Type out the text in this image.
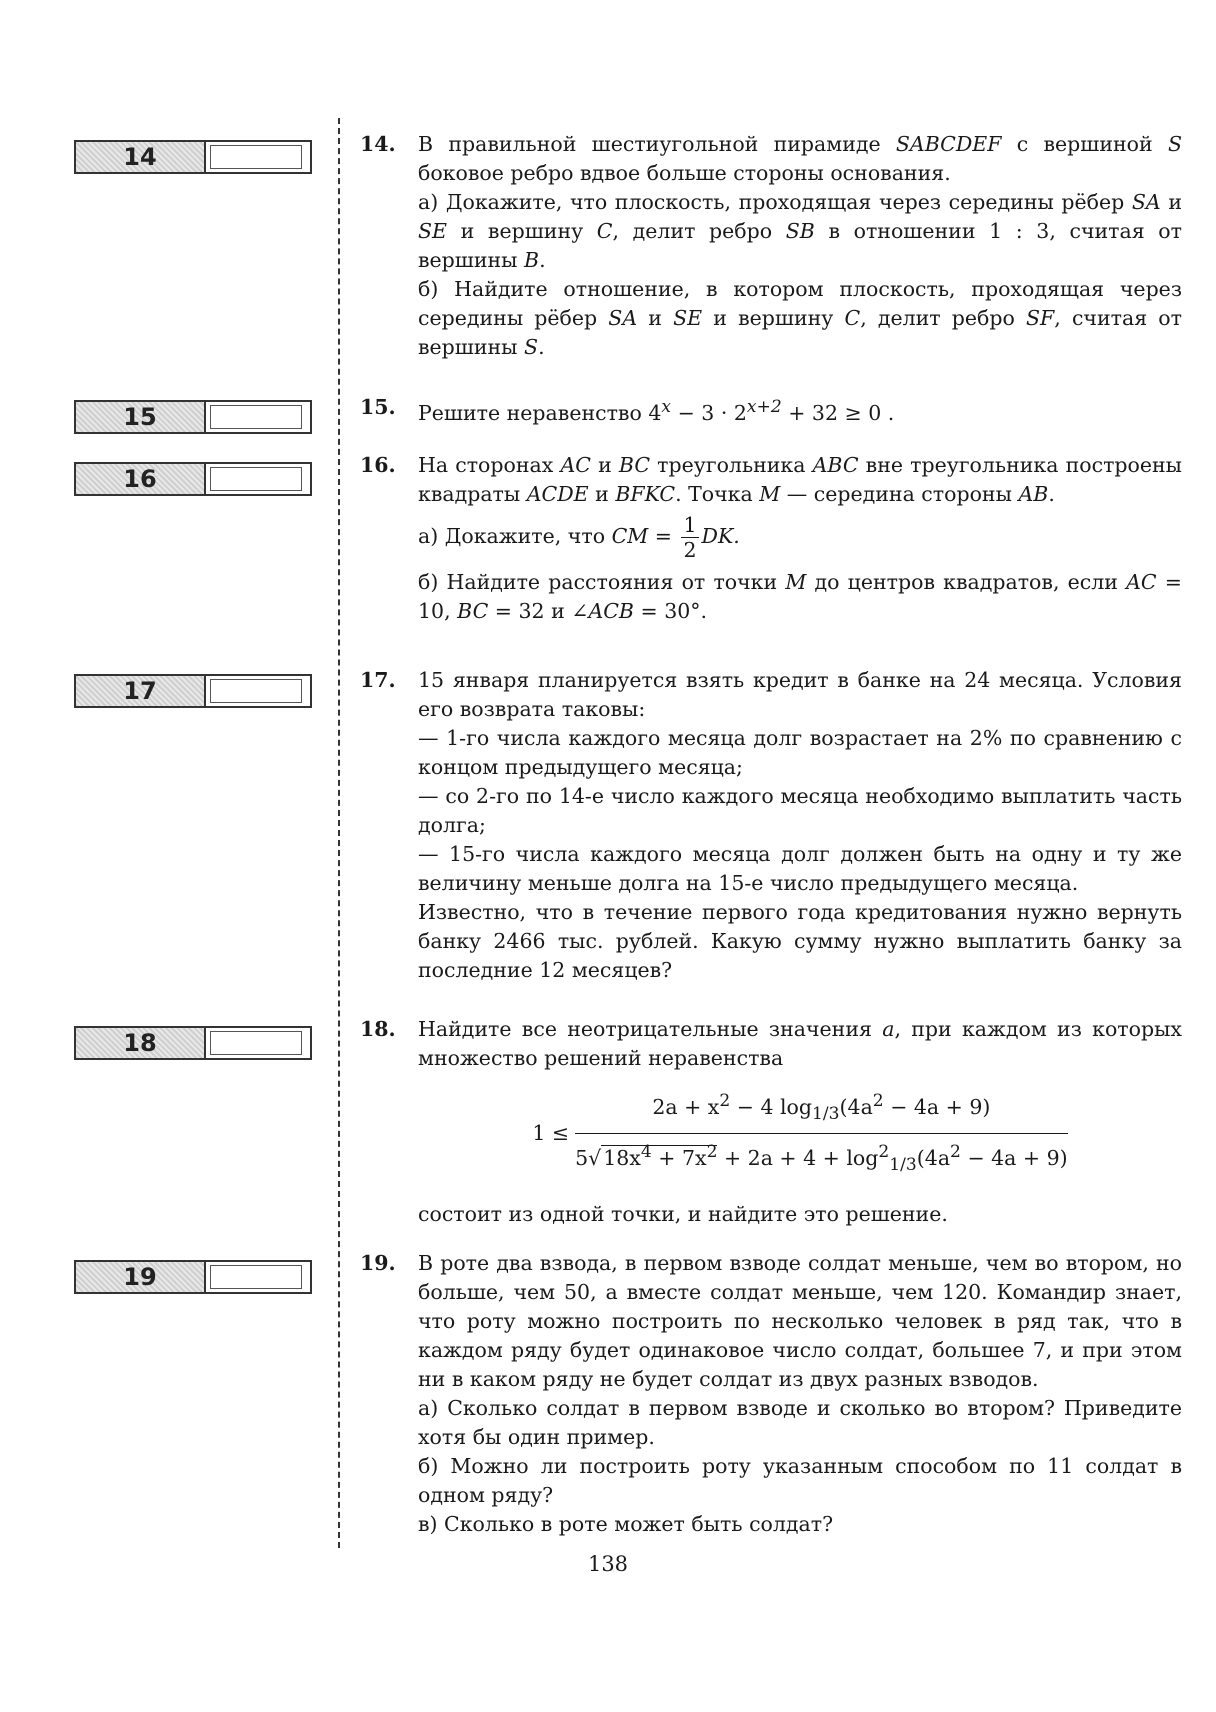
14
15
16
17
18
19
14. В правильной шестиугольной пирамиде SABCDEF с вершиной S боковое ребро вдвое больше стороны основания.

а) Докажите, что плоскость, проходящая через середины рёбер SA и SE и вершину C, делит ребро SB в отношении 1 : 3, считая от вершины B.

б) Найдите отношение, в котором плоскость, проходящая через середины рёбер SA и SE и вершину C, делит ребро SF, считая от вершины S.

15. Решите неравенство $4^x - 3 \cdot 2^{x+2} + 32 \ge 0$ .

16. На сторонах AC и BC треугольника ABC вне треугольника построены квадраты ACDE и BFKC. Точка M — середина стороны AB.

а) Докажите, что CM = $\frac{1}{2}$ DK.

б) Найдите расстояния от точки M до центров квадратов, если AC = 10, BC = 32 и ∠ACB = 30°.

17. 15 января планируется взять кредит в банке на 24 месяца. Условия его возврата таковы:

— 1-го числа каждого месяца долг возрастает на 2% по сравнению с концом предыдущего месяца;

— со 2-го по 14-е число каждого месяца необходимо выплатить часть долга;

— 15-го числа каждого месяца долг должен быть на одну и ту же величину меньше долга на 15-е число предыдущего месяца.

Известно, что в течение первого года кредитования нужно вернуть банку 2466 тыс. рублей. Какую сумму нужно выплатить банку за последние 12 месяцев?

18. Найдите все неотрицательные значения a, при каждом из которых множество решений неравенства

$1 \le \frac{2a + x^2 - 4 \log_{1/3}(4a^2 - 4a + 9)}{5√18x^4 + 7x^2 + 2a + 4 + \log^2_{1/3}(4a^2 - 4a + 9)}$

состоит из одной точки, и найдите это решение.

19. В роте два взвода, в первом взводе солдат меньше, чем во втором, но больше, чем 50, а вместе солдат меньше, чем 120. Командир знает, что роту можно построить по несколько человек в ряд так, что в каждом ряду будет одинаковое число солдат, большее 7, и при этом ни в каком ряду не будет солдат из двух разных взводов.

а) Сколько солдат в первом взводе и сколько во втором? Приведите хотя бы один пример.

б) Можно ли построить роту указанным способом по 11 солдат в одном ряду?

в) Сколько в роте может быть солдат?

138
